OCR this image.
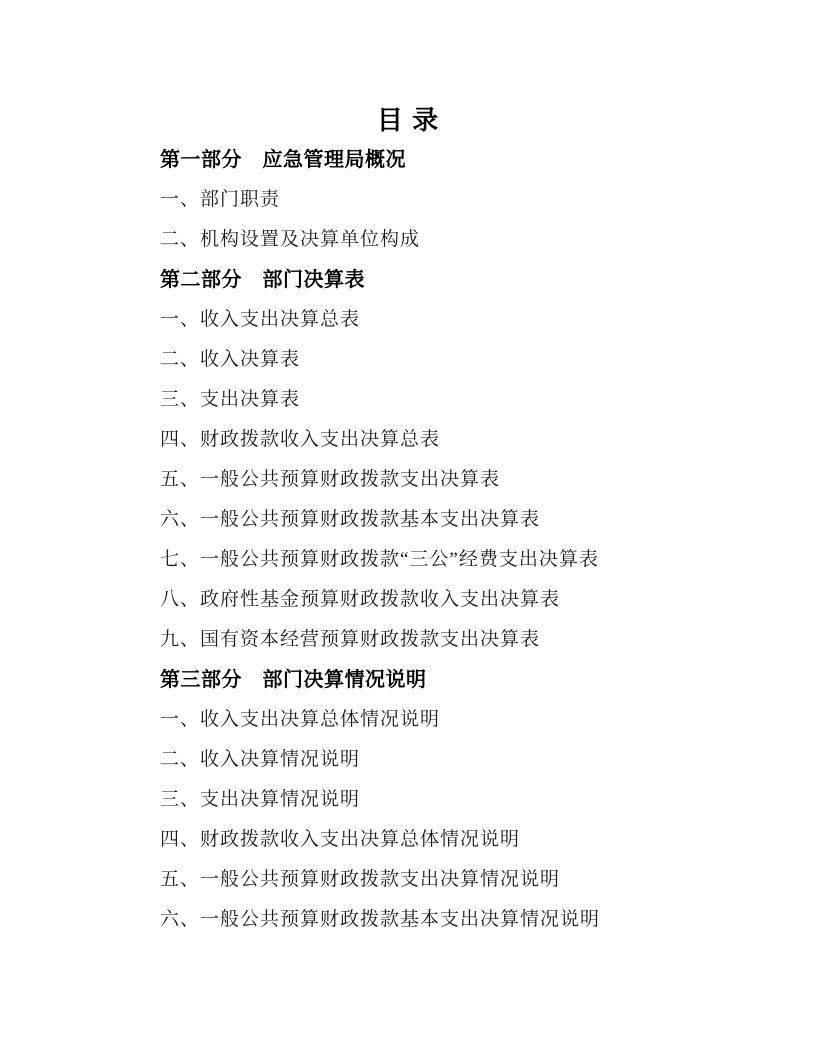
目 录
第一部分　应急管理局概况
一、部门职责
二、机构设置及决算单位构成
第二部分　部门决算表
一、收入支出决算总表
二、收入决算表
三、支出决算表
四、财政拨款收入支出决算总表
五、一般公共预算财政拨款支出决算表
六、一般公共预算财政拨款基本支出决算表
七、一般公共预算财政拨款“三公”经费支出决算表
八、政府性基金预算财政拨款收入支出决算表
九、国有资本经营预算财政拨款支出决算表
第三部分　部门决算情况说明
一、收入支出决算总体情况说明
二、收入决算情况说明
三、支出决算情况说明
四、财政拨款收入支出决算总体情况说明
五、一般公共预算财政拨款支出决算情况说明
六、一般公共预算财政拨款基本支出决算情况说明
